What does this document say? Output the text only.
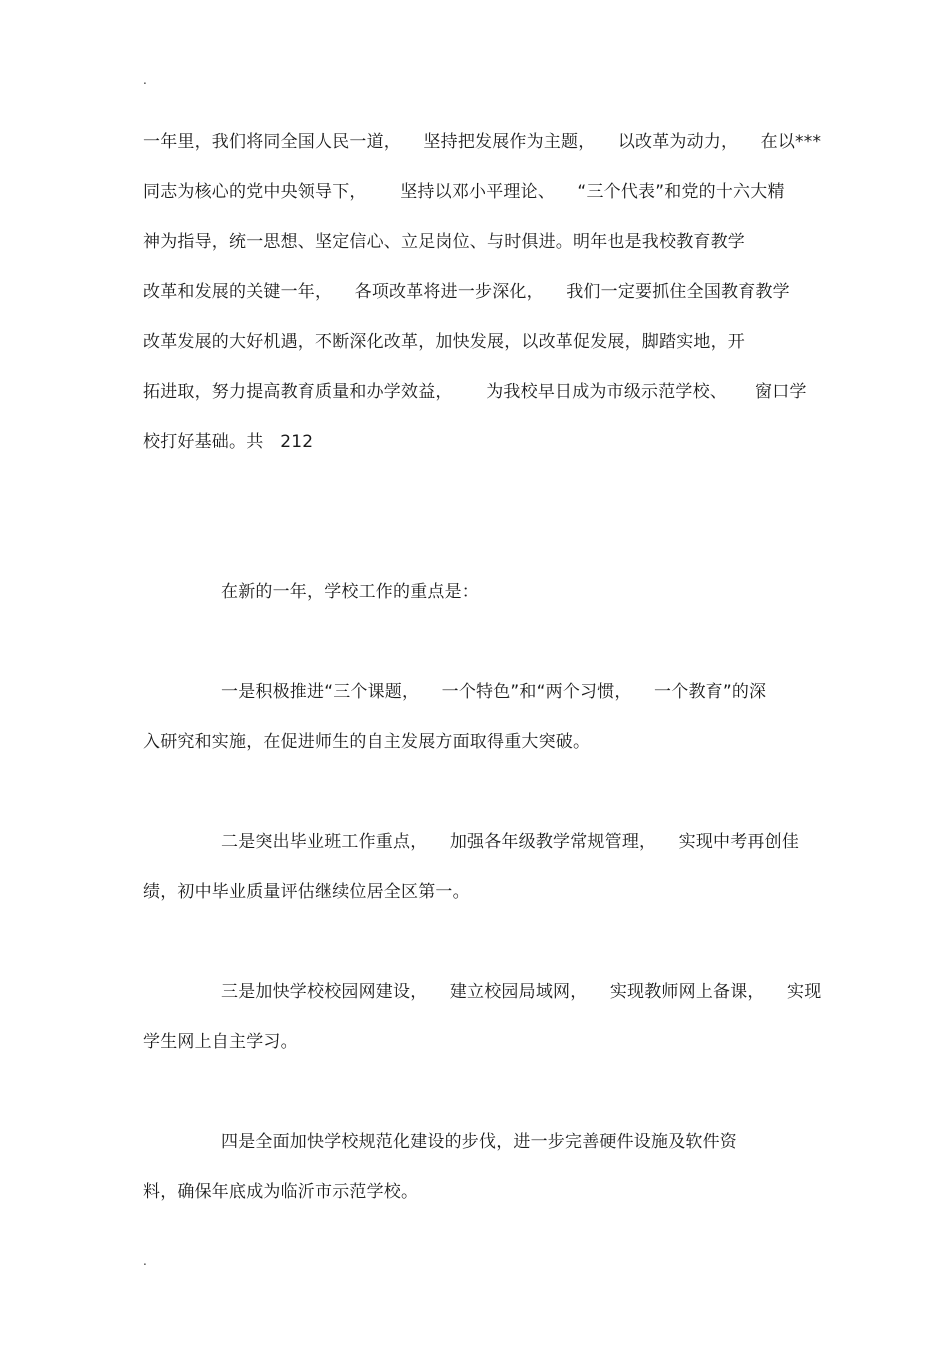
.
一年里，我们将同全国人民一道，    坚持把发展作为主题，    以改革为动力，    在以***
同志为核心的党中央领导下，      坚持以邓小平理论、    “三个代表”和党的十六大精
神为指导，统一思想、坚定信心、立足岗位、与时俱进。明年也是我校教育教学
改革和发展的关键一年，    各项改革将进一步深化，    我们一定要抓住全国教育教学
改革发展的大好机遇，不断深化改革，加快发展，以改革促发展，脚踏实地，开
拓进取，努力提高教育质量和办学效益，      为我校早日成为市级示范学校、     窗口学
校打好基础。共   212
在新的一年，学校工作的重点是：
一是积极推进“三个课题，    一个特色”和“两个习惯，    一个教育”的深
入研究和实施，在促进师生的自主发展方面取得重大突破。
二是突出毕业班工作重点，    加强各年级教学常规管理，    实现中考再创佳
绩，初中毕业质量评估继续位居全区第一。
三是加快学校校园网建设，    建立校园局域网，    实现教师网上备课，    实现
学生网上自主学习。
四是全面加快学校规范化建设的步伐，进一步完善硬件设施及软件资
料，确保年底成为临沂市示范学校。
.
